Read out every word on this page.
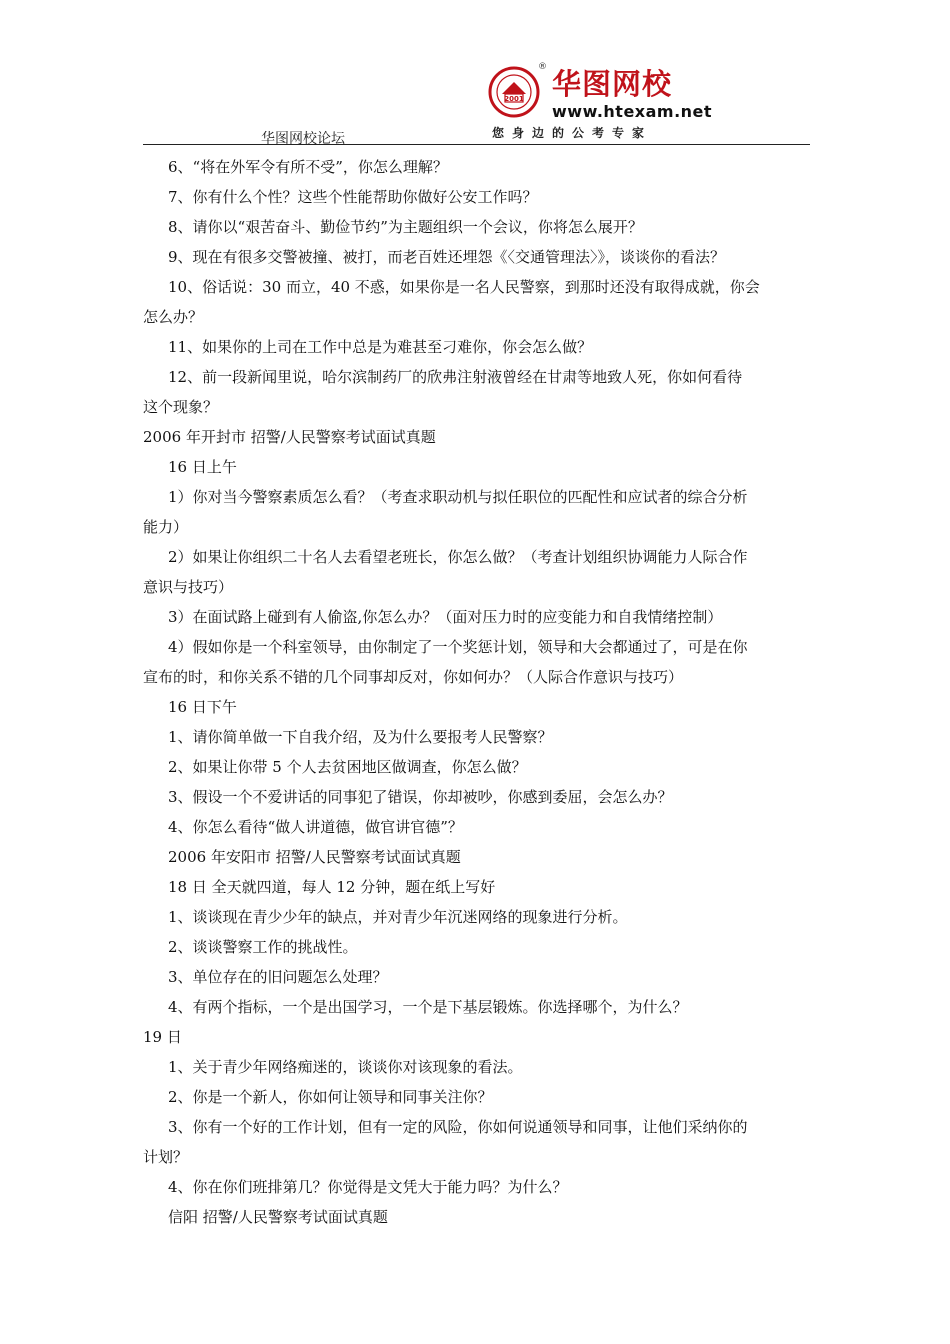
华图网校论坛
2001 华图网校
®
www.htexam.net
您身边的公考专家
6、“将在外军令有所不受”，你怎么理解？
7、你有什么个性？这些个性能帮助你做好公安工作吗？
8、请你以“艰苦奋斗、勤俭节约”为主题组织一个会议，你将怎么展开？
9、现在有很多交警被撞、被打，而老百姓还埋怨《〈交通管理法〉》，谈谈你的看法？
10、俗话说：30 而立，40 不惑，如果你是一名人民警察，到那时还没有取得成就，你会
怎么办？
11、如果你的上司在工作中总是为难甚至刁难你，你会怎么做？
12、前一段新闻里说，哈尔滨制药厂的欣弗注射液曾经在甘肃等地致人死，你如何看待
这个现象？
2006 年开封市 招警/人民警察考试面试真题
16 日上午
1）你对当今警察素质怎么看？（考查求职动机与拟任职位的匹配性和应试者的综合分析
能力）
2）如果让你组织二十名人去看望老班长，你怎么做？（考查计划组织协调能力人际合作
意识与技巧）
3）在面试路上碰到有人偷盗,你怎么办？（面对压力时的应变能力和自我情绪控制）
4）假如你是一个科室领导，由你制定了一个奖惩计划，领导和大会都通过了，可是在你
宣布的时，和你关系不错的几个同事却反对，你如何办？（人际合作意识与技巧）
16 日下午
1、请你简单做一下自我介绍，及为什么要报考人民警察？
2、如果让你带 5 个人去贫困地区做调查，你怎么做？
3、假设一个不爱讲话的同事犯了错误，你却被吵，你感到委屈，会怎么办？
4、你怎么看待“做人讲道德，做官讲官德”？
2006 年安阳市 招警/人民警察考试面试真题
18 日 全天就四道，每人 12 分钟，题在纸上写好
1、谈谈现在青少少年的缺点，并对青少年沉迷网络的现象进行分析。
2、谈谈警察工作的挑战性。
3、单位存在的旧问题怎么处理？
4、有两个指标，一个是出国学习，一个是下基层锻炼。你选择哪个，为什么？
19 日
1、关于青少年网络痴迷的，谈谈你对该现象的看法。
2、你是一个新人，你如何让领导和同事关注你？
3、你有一个好的工作计划，但有一定的风险，你如何说通领导和同事，让他们采纳你的
计划？
4、你在你们班排第几？你觉得是文凭大于能力吗？为什么？
信阳 招警/人民警察考试面试真题
